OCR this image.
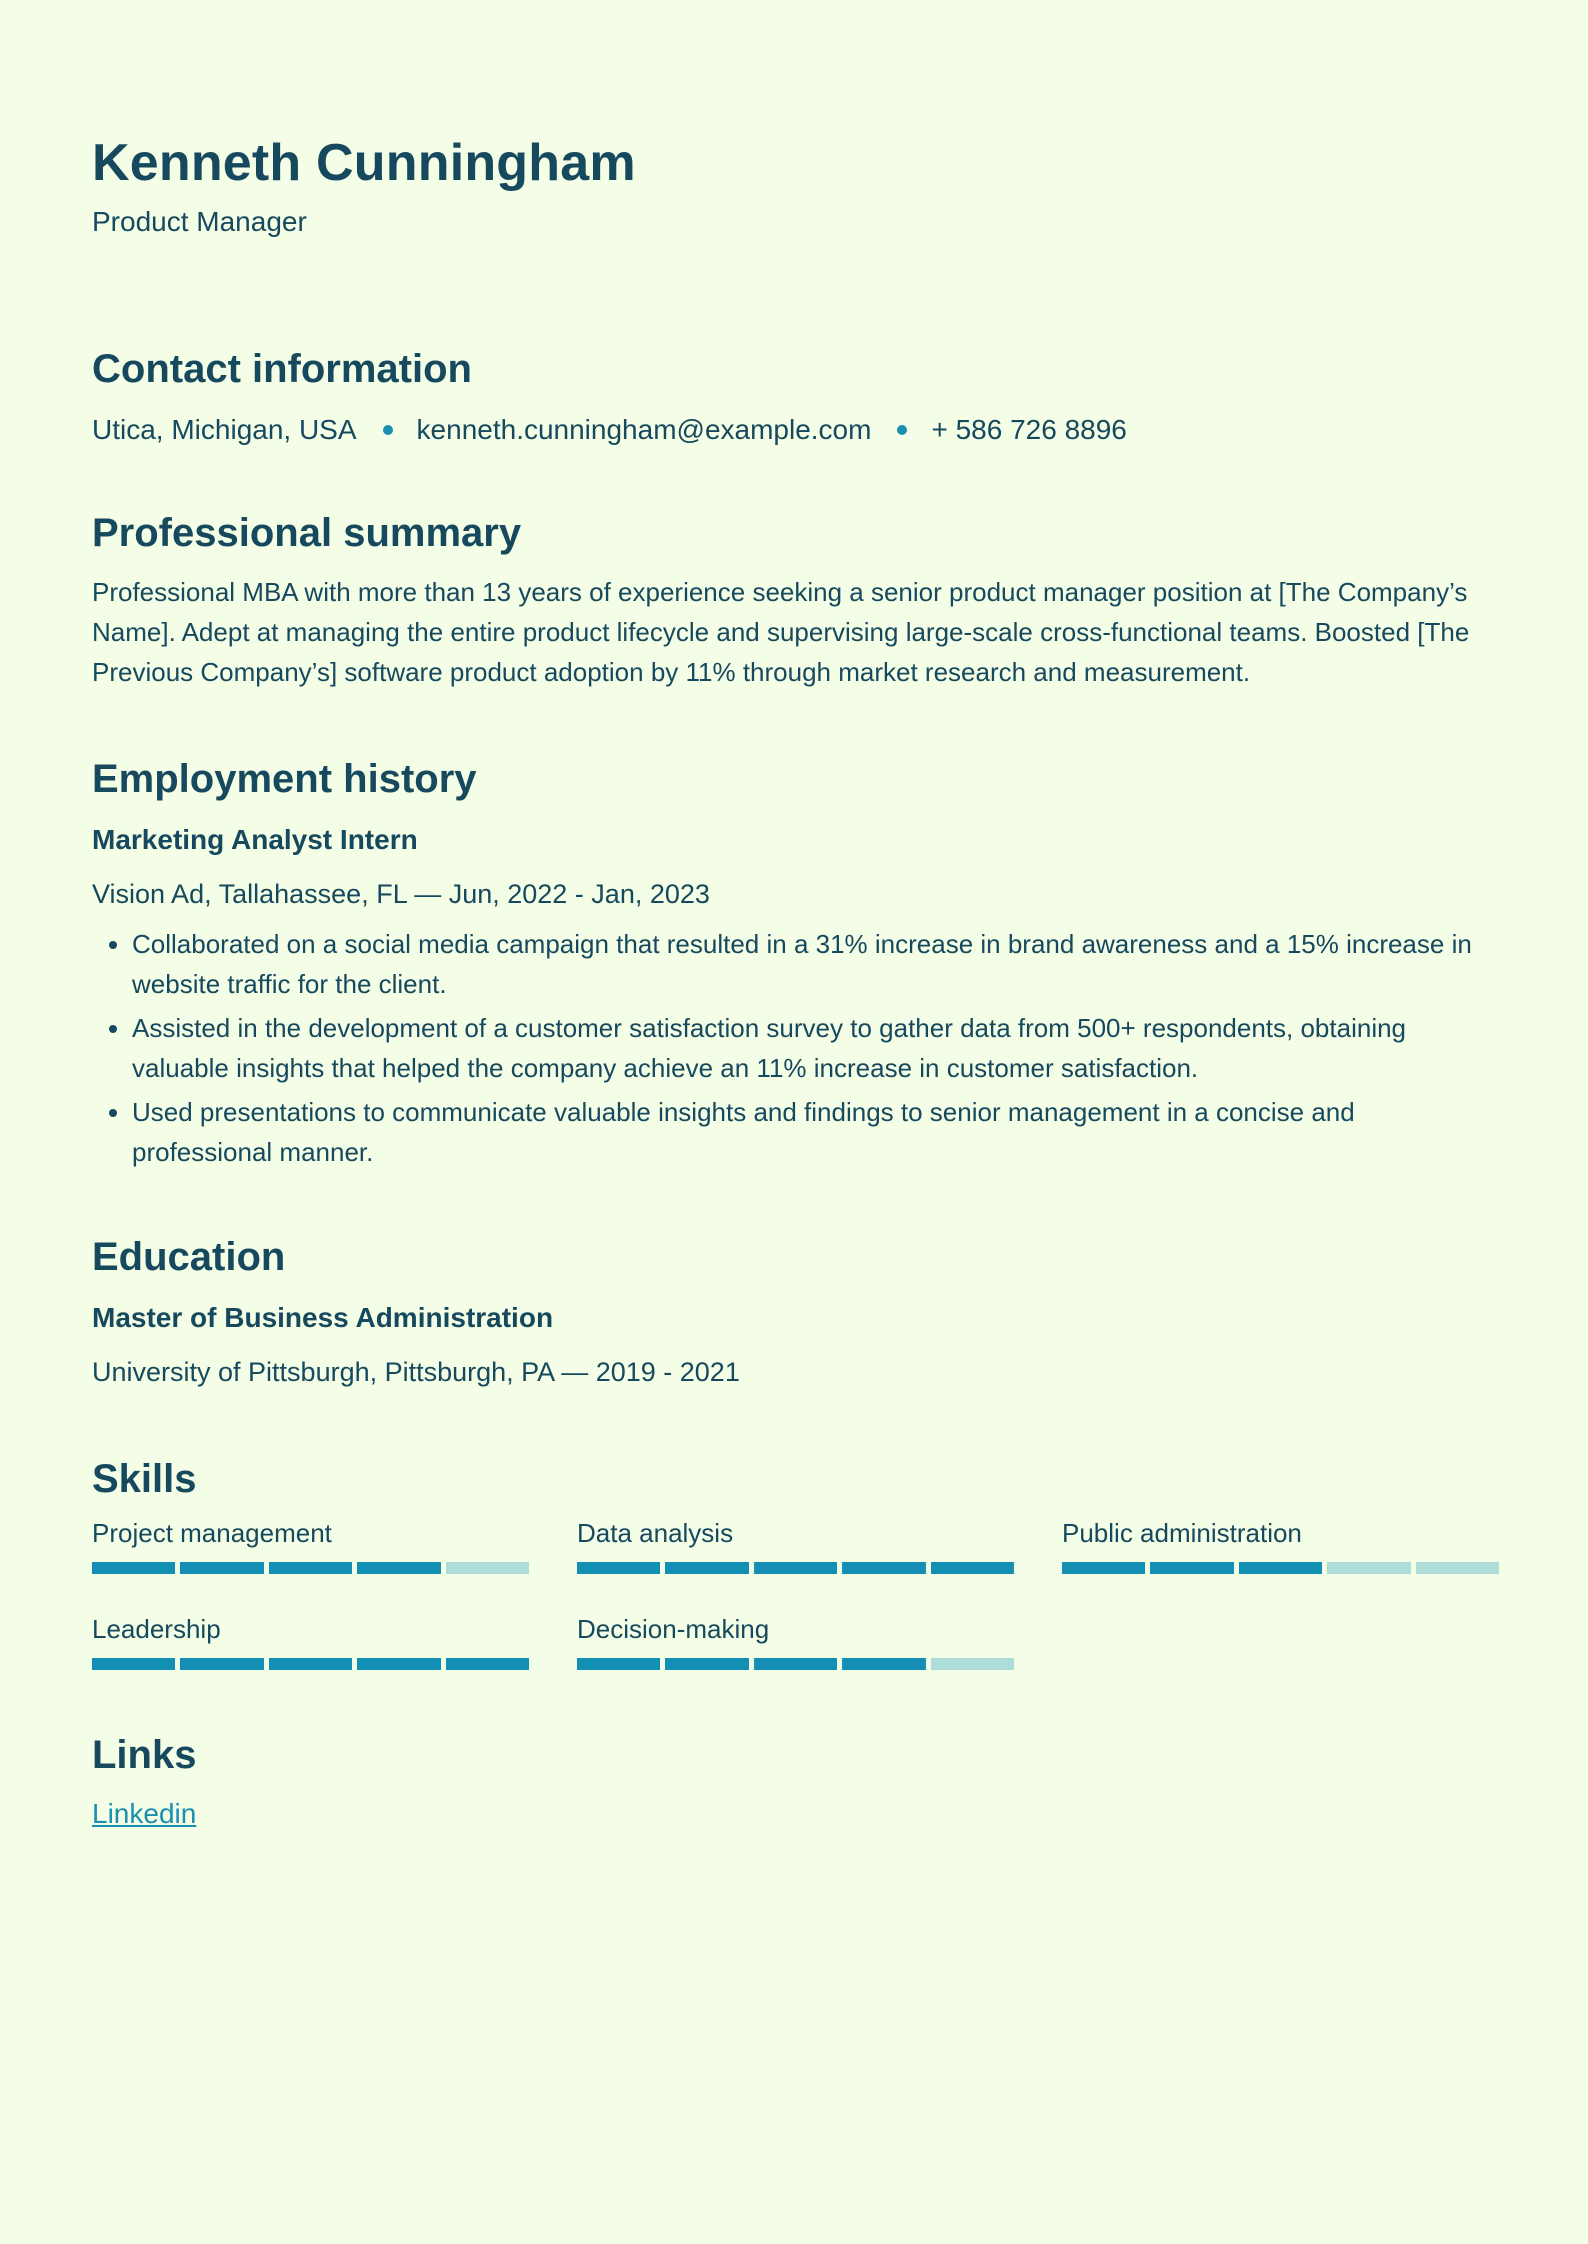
Kenneth Cunningham
Product Manager
Contact information
Utica, Michigan, USA kenneth.cunningham@example.com + 586 726 8896
Professional summary
Professional MBA with more than 13 years of experience seeking a senior product manager position at [The Company’s Name]. Adept at managing the entire product lifecycle and supervising large-scale cross-functional teams. Boosted [The Previous Company’s] software product adoption by 11% through market research and measurement.
Employment history
Marketing Analyst Intern
Vision Ad, Tallahassee, FL — Jun, 2022 - Jan, 2023
• Collaborated on a social media campaign that resulted in a 31% increase in brand awareness and a 15% increase in website traffic for the client.
• Assisted in the development of a customer satisfaction survey to gather data from 500+ respondents, obtaining valuable insights that helped the company achieve an 11% increase in customer satisfaction.
• Used presentations to communicate valuable insights and findings to senior management in a concise and professional manner.
Education
Master of Business Administration
University of Pittsburgh, Pittsburgh, PA — 2019 - 2021
Skills
Project management	Data analysis	Public administration
Leadership	Decision-making
Links
Linkedin
